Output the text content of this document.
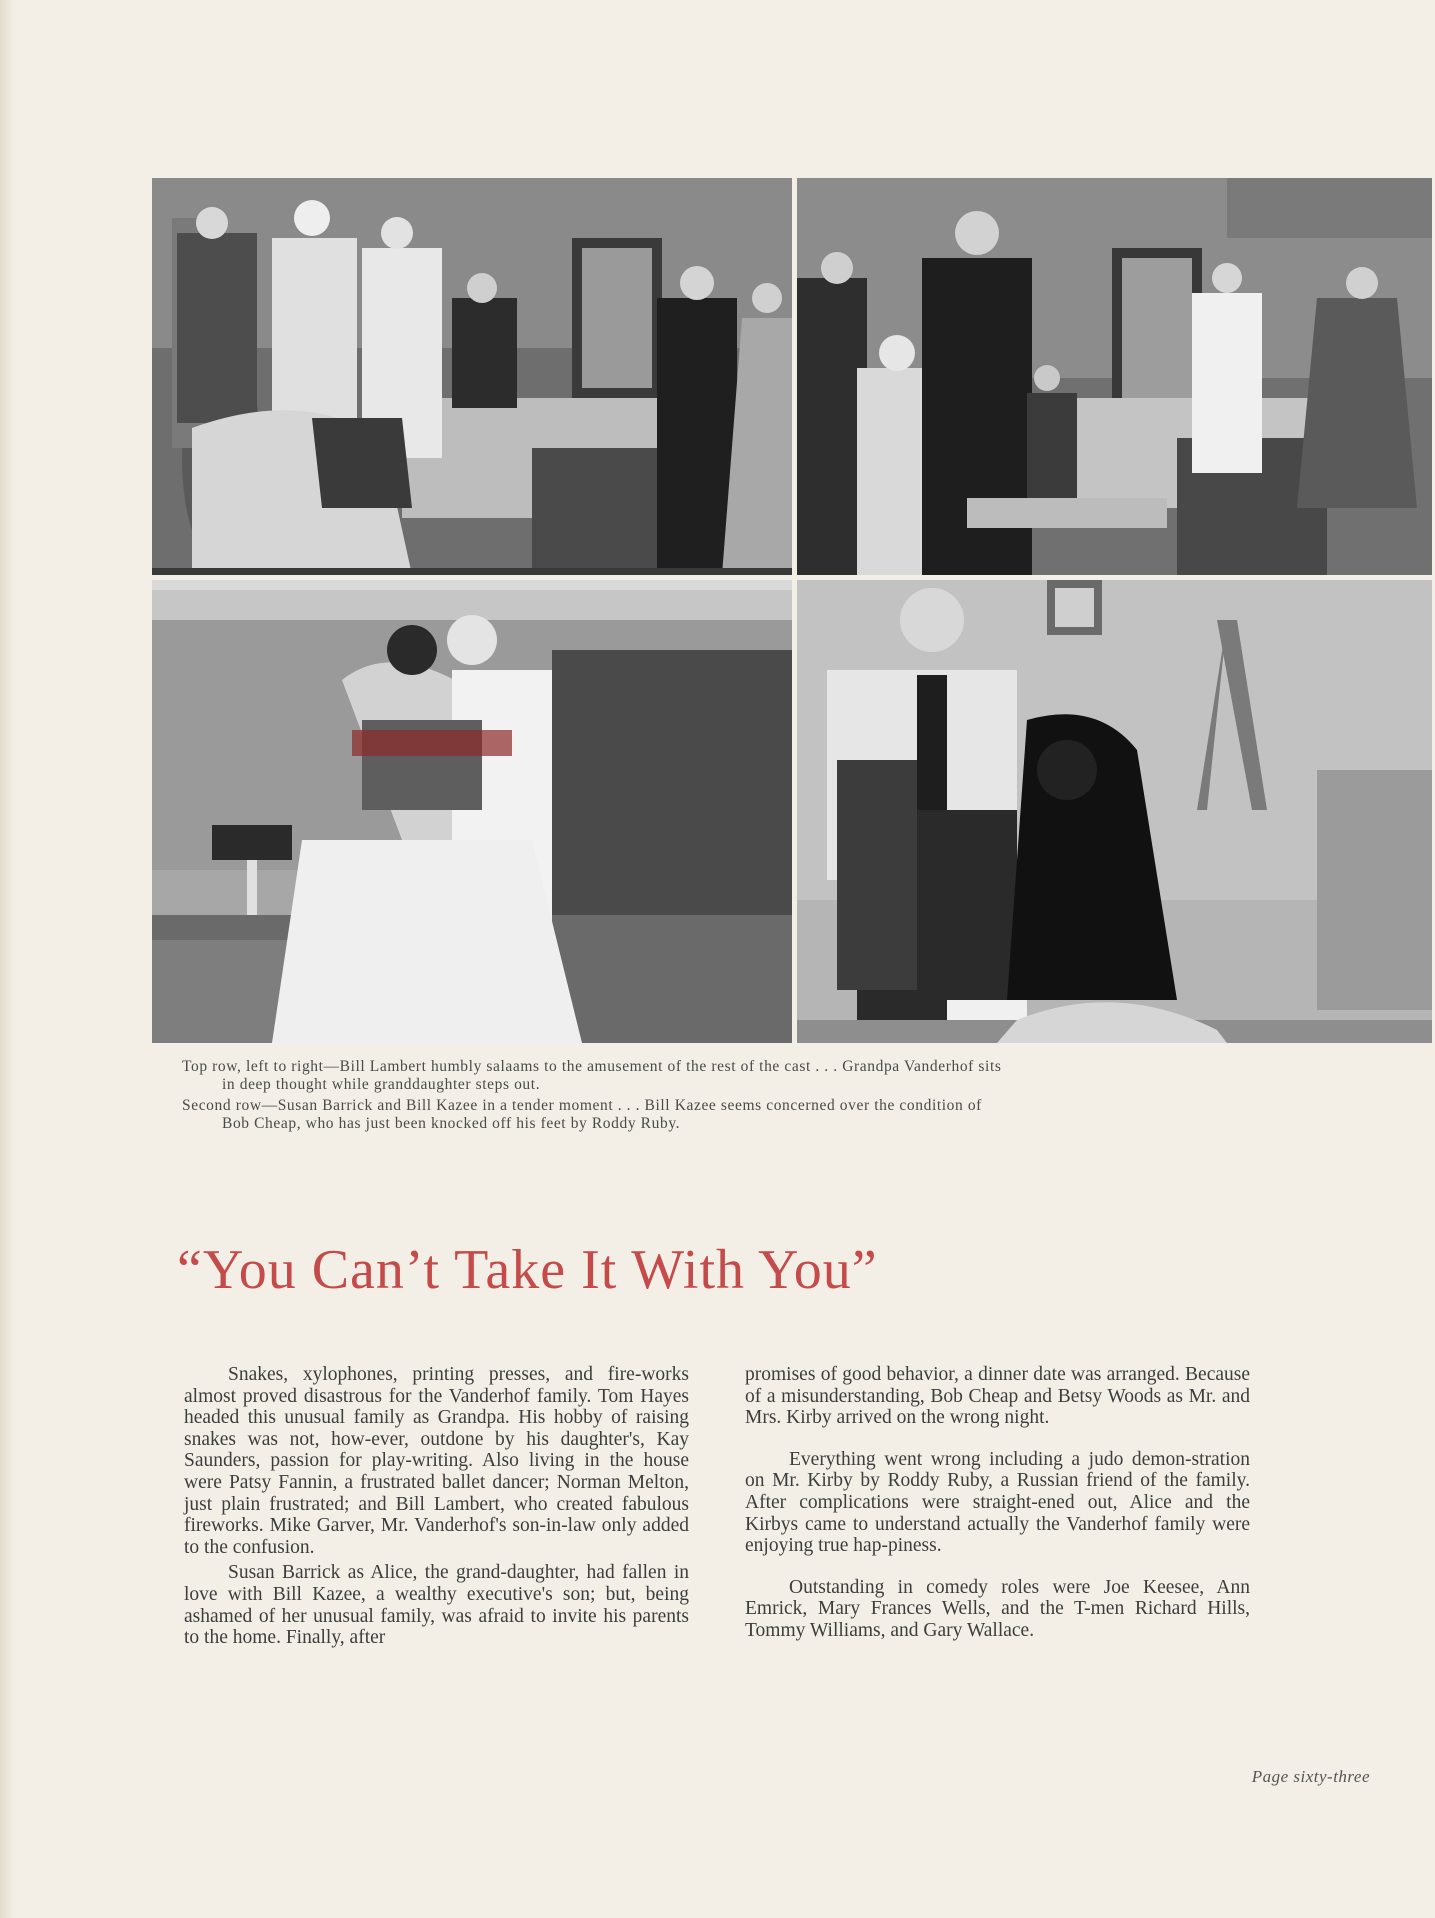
Top row, left to right—Bill Lambert humbly salaams to the amusement of the rest of the cast . . . Grandpa Vanderhof sits
in deep thought while granddaughter steps out.
Second row—Susan Barrick and Bill Kazee in a tender moment . . . Bill Kazee seems concerned over the condition of
Bob Cheap, who has just been knocked off his feet by Roddy Ruby.
“You Can’t Take It With You”

Snakes, xylophones, printing presses, and fire-works almost proved disastrous for the Vanderhof family. Tom Hayes headed this unusual family as Grandpa. His hobby of raising snakes was not, how-ever, outdone by his daughter's, Kay Saunders, passion for play-writing. Also living in the house were Patsy Fannin, a frustrated ballet dancer; Norman Melton, just plain frustrated; and Bill Lambert, who created fabulous fireworks. Mike Garver, Mr. Vanderhof's son-in-law only added to the confusion.

Susan Barrick as Alice, the grand-daughter, had fallen in love with Bill Kazee, a wealthy executive's son; but, being ashamed of her unusual family, was afraid to invite his parents to the home. Finally, after

promises of good behavior, a dinner date was arranged. Because of a misunderstanding, Bob Cheap and Betsy Woods as Mr. and Mrs. Kirby arrived on the wrong night.

Everything went wrong including a judo demon-stration on Mr. Kirby by Roddy Ruby, a Russian friend of the family. After complications were straight-ened out, Alice and the Kirbys came to understand actually the Vanderhof family were enjoying true hap-piness.

Outstanding in comedy roles were Joe Keesee, Ann Emrick, Mary Frances Wells, and the T-men Richard Hills, Tommy Williams, and Gary Wallace.

Page sixty-three
